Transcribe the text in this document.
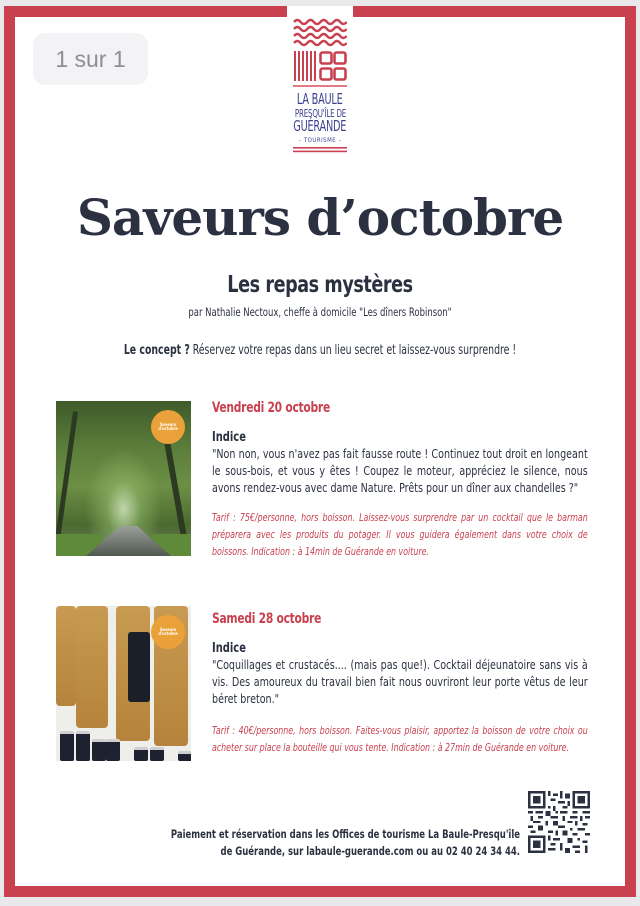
1 sur 1
LA BAULE
PRESQU'ÎLE DE
GUÉRANDE
– TOURISME –
Saveurs d’octobre
Les repas mystères
par Nathalie Nectoux, cheffe à domicile "Les dîners Robinson"
Le concept ? Réservez votre repas dans un lieu secret et laissez-vous surprendre !
Saveurs d'octobre
Vendredi 20 octobre
Indice
"Non non, vous n'avez pas fait fausse route ! Continuez tout droit en longeant le sous-bois, et vous y êtes ! Coupez le moteur, appréciez le silence, nous avons rendez-vous avec dame Nature. Prêts pour un dîner aux chandelles ?"
Tarif : 75€/personne, hors boisson. Laissez-vous surprendre par un cocktail que le barman préparera avec les produits du potager. Il vous guidera également dans votre choix de boissons. Indication : à 14min de Guérande en voiture.
Saveurs d'octobre
Samedi 28 octobre
Indice
"Coquillages et crustacés.... (mais pas que!). Cocktail déjeunatoire sans vis à vis. Des amoureux du travail bien fait nous ouvriront leur porte vêtus de leur béret breton."
Tarif : 40€/personne, hors boisson. Faites-vous plaisir, apportez la boisson de votre choix ou acheter sur place la bouteille qui vous tente. Indication : à 27min de Guérande en voiture.
Paiement et réservation dans les Offices de tourisme La Baule-Presqu'île de Guérande, sur labaule-guerande.com ou au 02 40 24 34 44.
